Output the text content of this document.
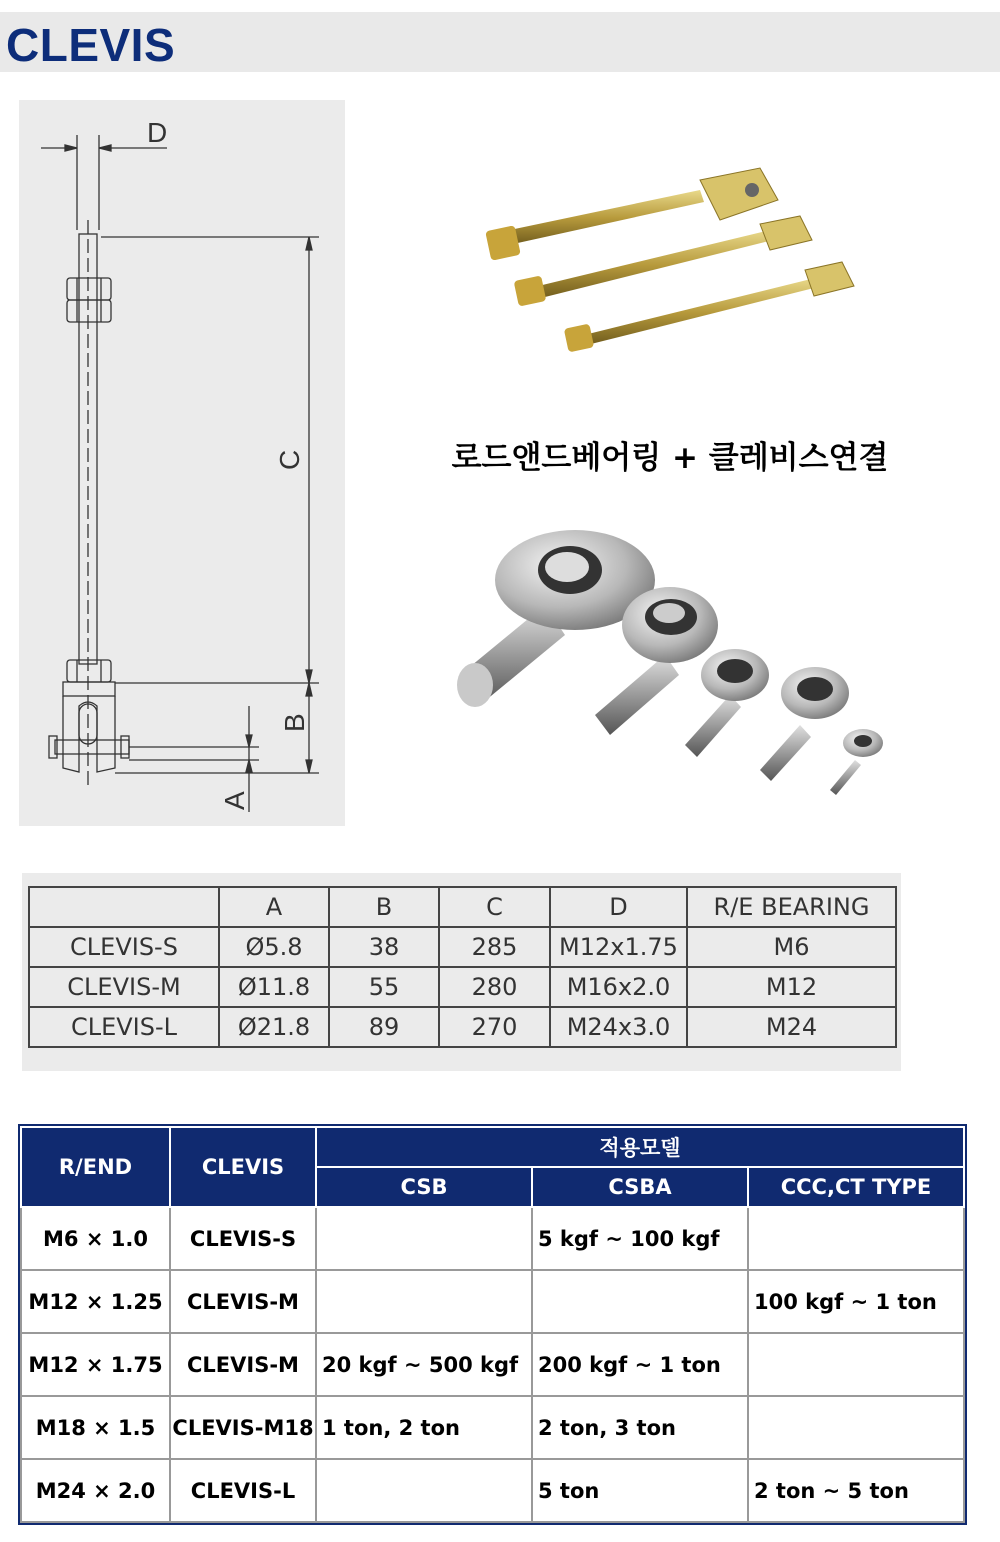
CLEVIS
D
C
B
A
로드앤드베어링 + 클레비스연결
	A	B	C	D	R/E BEARING
CLEVIS-S	Ø5.8	38	285	M12x1.75	M6
CLEVIS-M	Ø11.8	55	280	M16x2.0	M12
CLEVIS-L	Ø21.8	89	270	M24x3.0	M24
R/END	CLEVIS	적용모델		
		CSB	CSBA	CCC,CT TYPE
M6 × 1.0	CLEVIS-S		5 kgf ~ 100 kgf	
M12 × 1.25	CLEVIS-M			100 kgf ~ 1 ton
M12 × 1.75	CLEVIS-M	20 kgf ~ 500 kgf	200 kgf ~ 1 ton	
M18 × 1.5	CLEVIS-M18	1 ton, 2 ton	2 ton, 3 ton	
M24 × 2.0	CLEVIS-L		5 ton	2 ton ~ 5 ton
